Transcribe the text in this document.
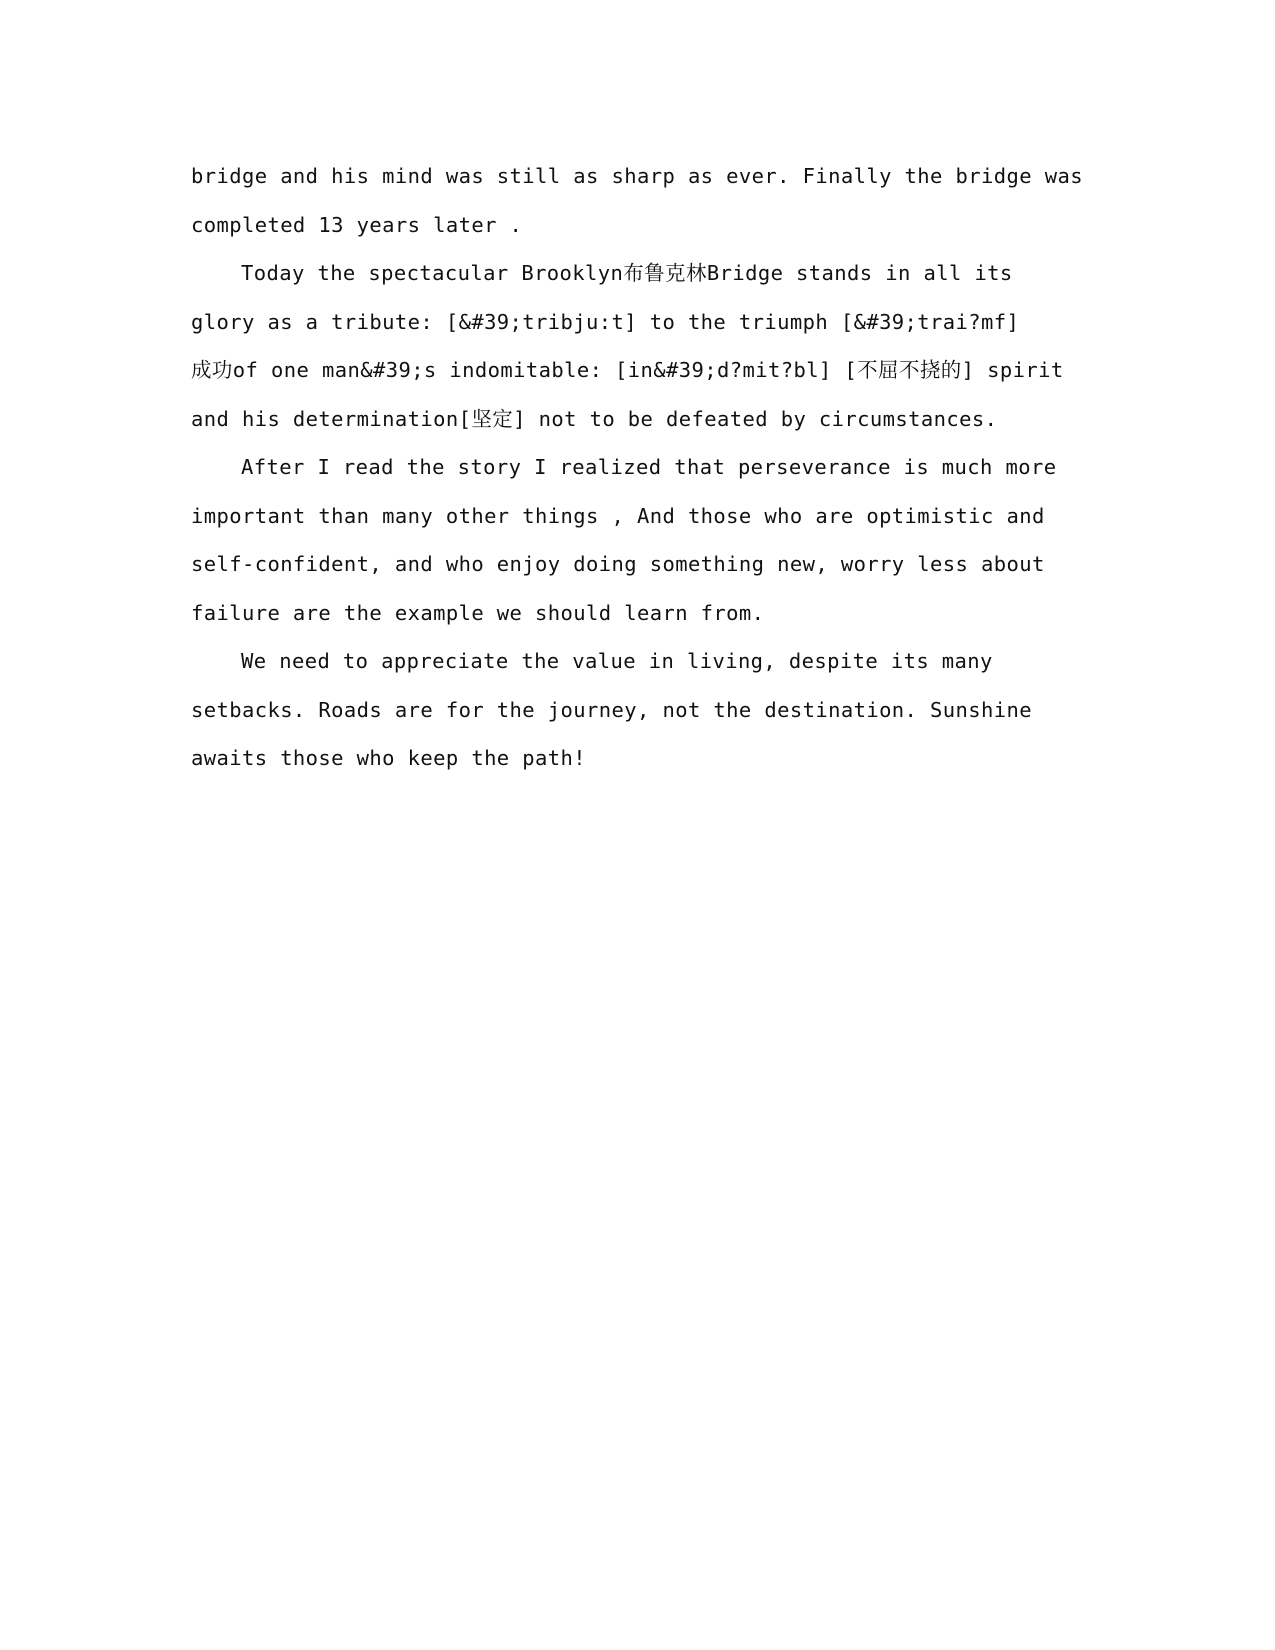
bridge and his mind was still as sharp as ever. Finally the bridge was
completed 13 years later .
Today the spectacular Brooklyn布鲁克林Bridge stands in all its
glory as a tribute: [&#39;tribju:t] to the triumph [&#39;trai?mf]
成功of one man&#39;s indomitable: [in&#39;d?mit?bl] [不屈不挠的] spirit
and his determination[坚定] not to be defeated by circumstances.
After I read the story I realized that perseverance is much more
important than many other things , And those who are optimistic and
self-confident, and who enjoy doing something new, worry less about
failure are the example we should learn from.
We need to appreciate the value in living, despite its many
setbacks. Roads are for the journey, not the destination. Sunshine
awaits those who keep the path!
